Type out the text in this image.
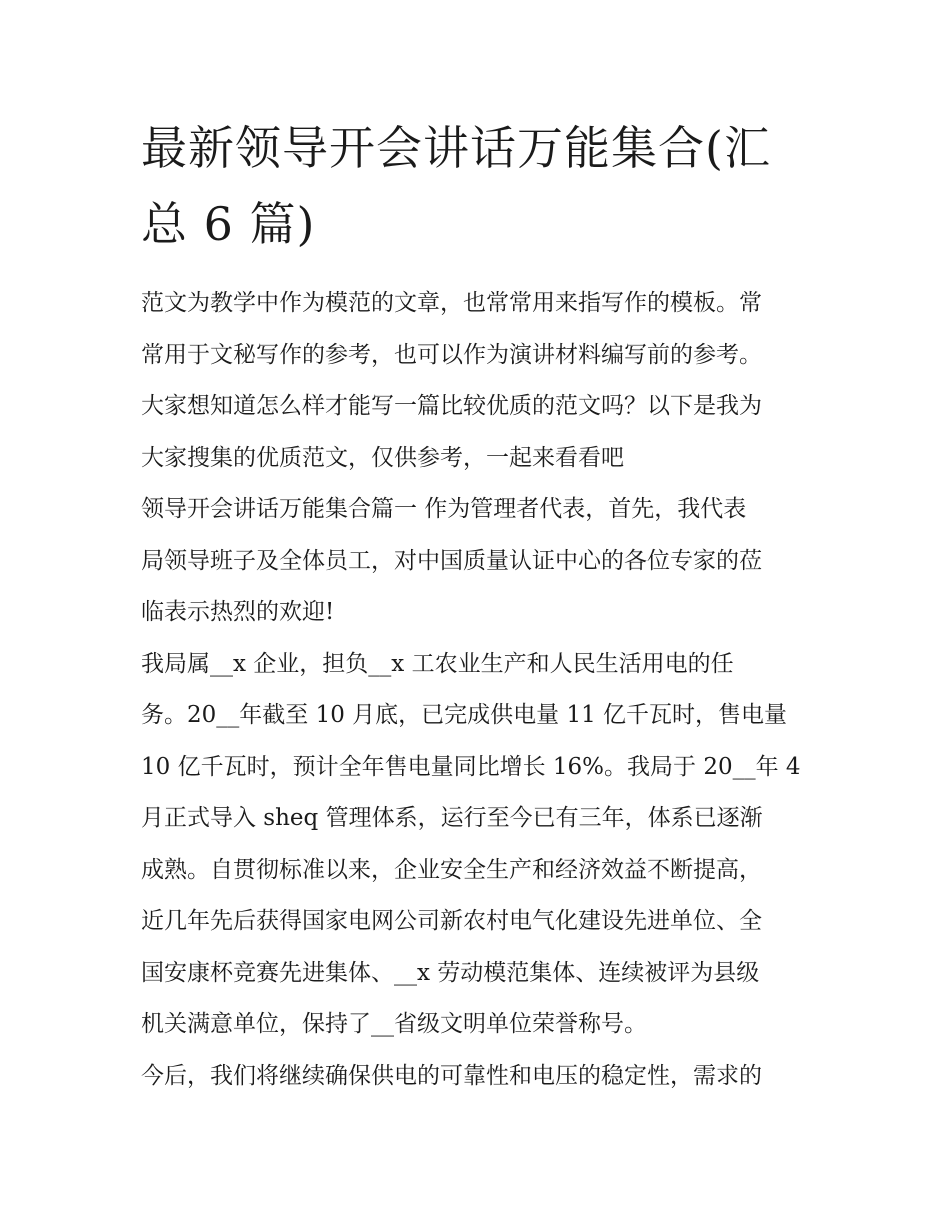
最新领导开会讲话万能集合(汇
总 6 篇)
范文为教学中作为模范的文章，也常常用来指写作的模板。常
常用于文秘写作的参考，也可以作为演讲材料编写前的参考。
大家想知道怎么样才能写一篇比较优质的范文吗？以下是我为
大家搜集的优质范文，仅供参考，一起来看看吧
领导开会讲话万能集合篇一 作为管理者代表，首先，我代表
局领导班子及全体员工，对中国质量认证中心的各位专家的莅
临表示热烈的欢迎!
我局属__x 企业，担负__x 工农业生产和人民生活用电的任
务。20__年截至 10 月底，已完成供电量 11 亿千瓦时，售电量
10 亿千瓦时，预计全年售电量同比增长 16%。我局于 20__年 4
月正式导入 sheq 管理体系，运行至今已有三年，体系已逐渐
成熟。自贯彻标准以来，企业安全生产和经济效益不断提高，
近几年先后获得国家电网公司新农村电气化建设先进单位、全
国安康杯竞赛先进集体、__x 劳动模范集体、连续被评为县级
机关满意单位，保持了__省级文明单位荣誉称号。
今后，我们将继续确保供电的可靠性和电压的稳定性，需求的
